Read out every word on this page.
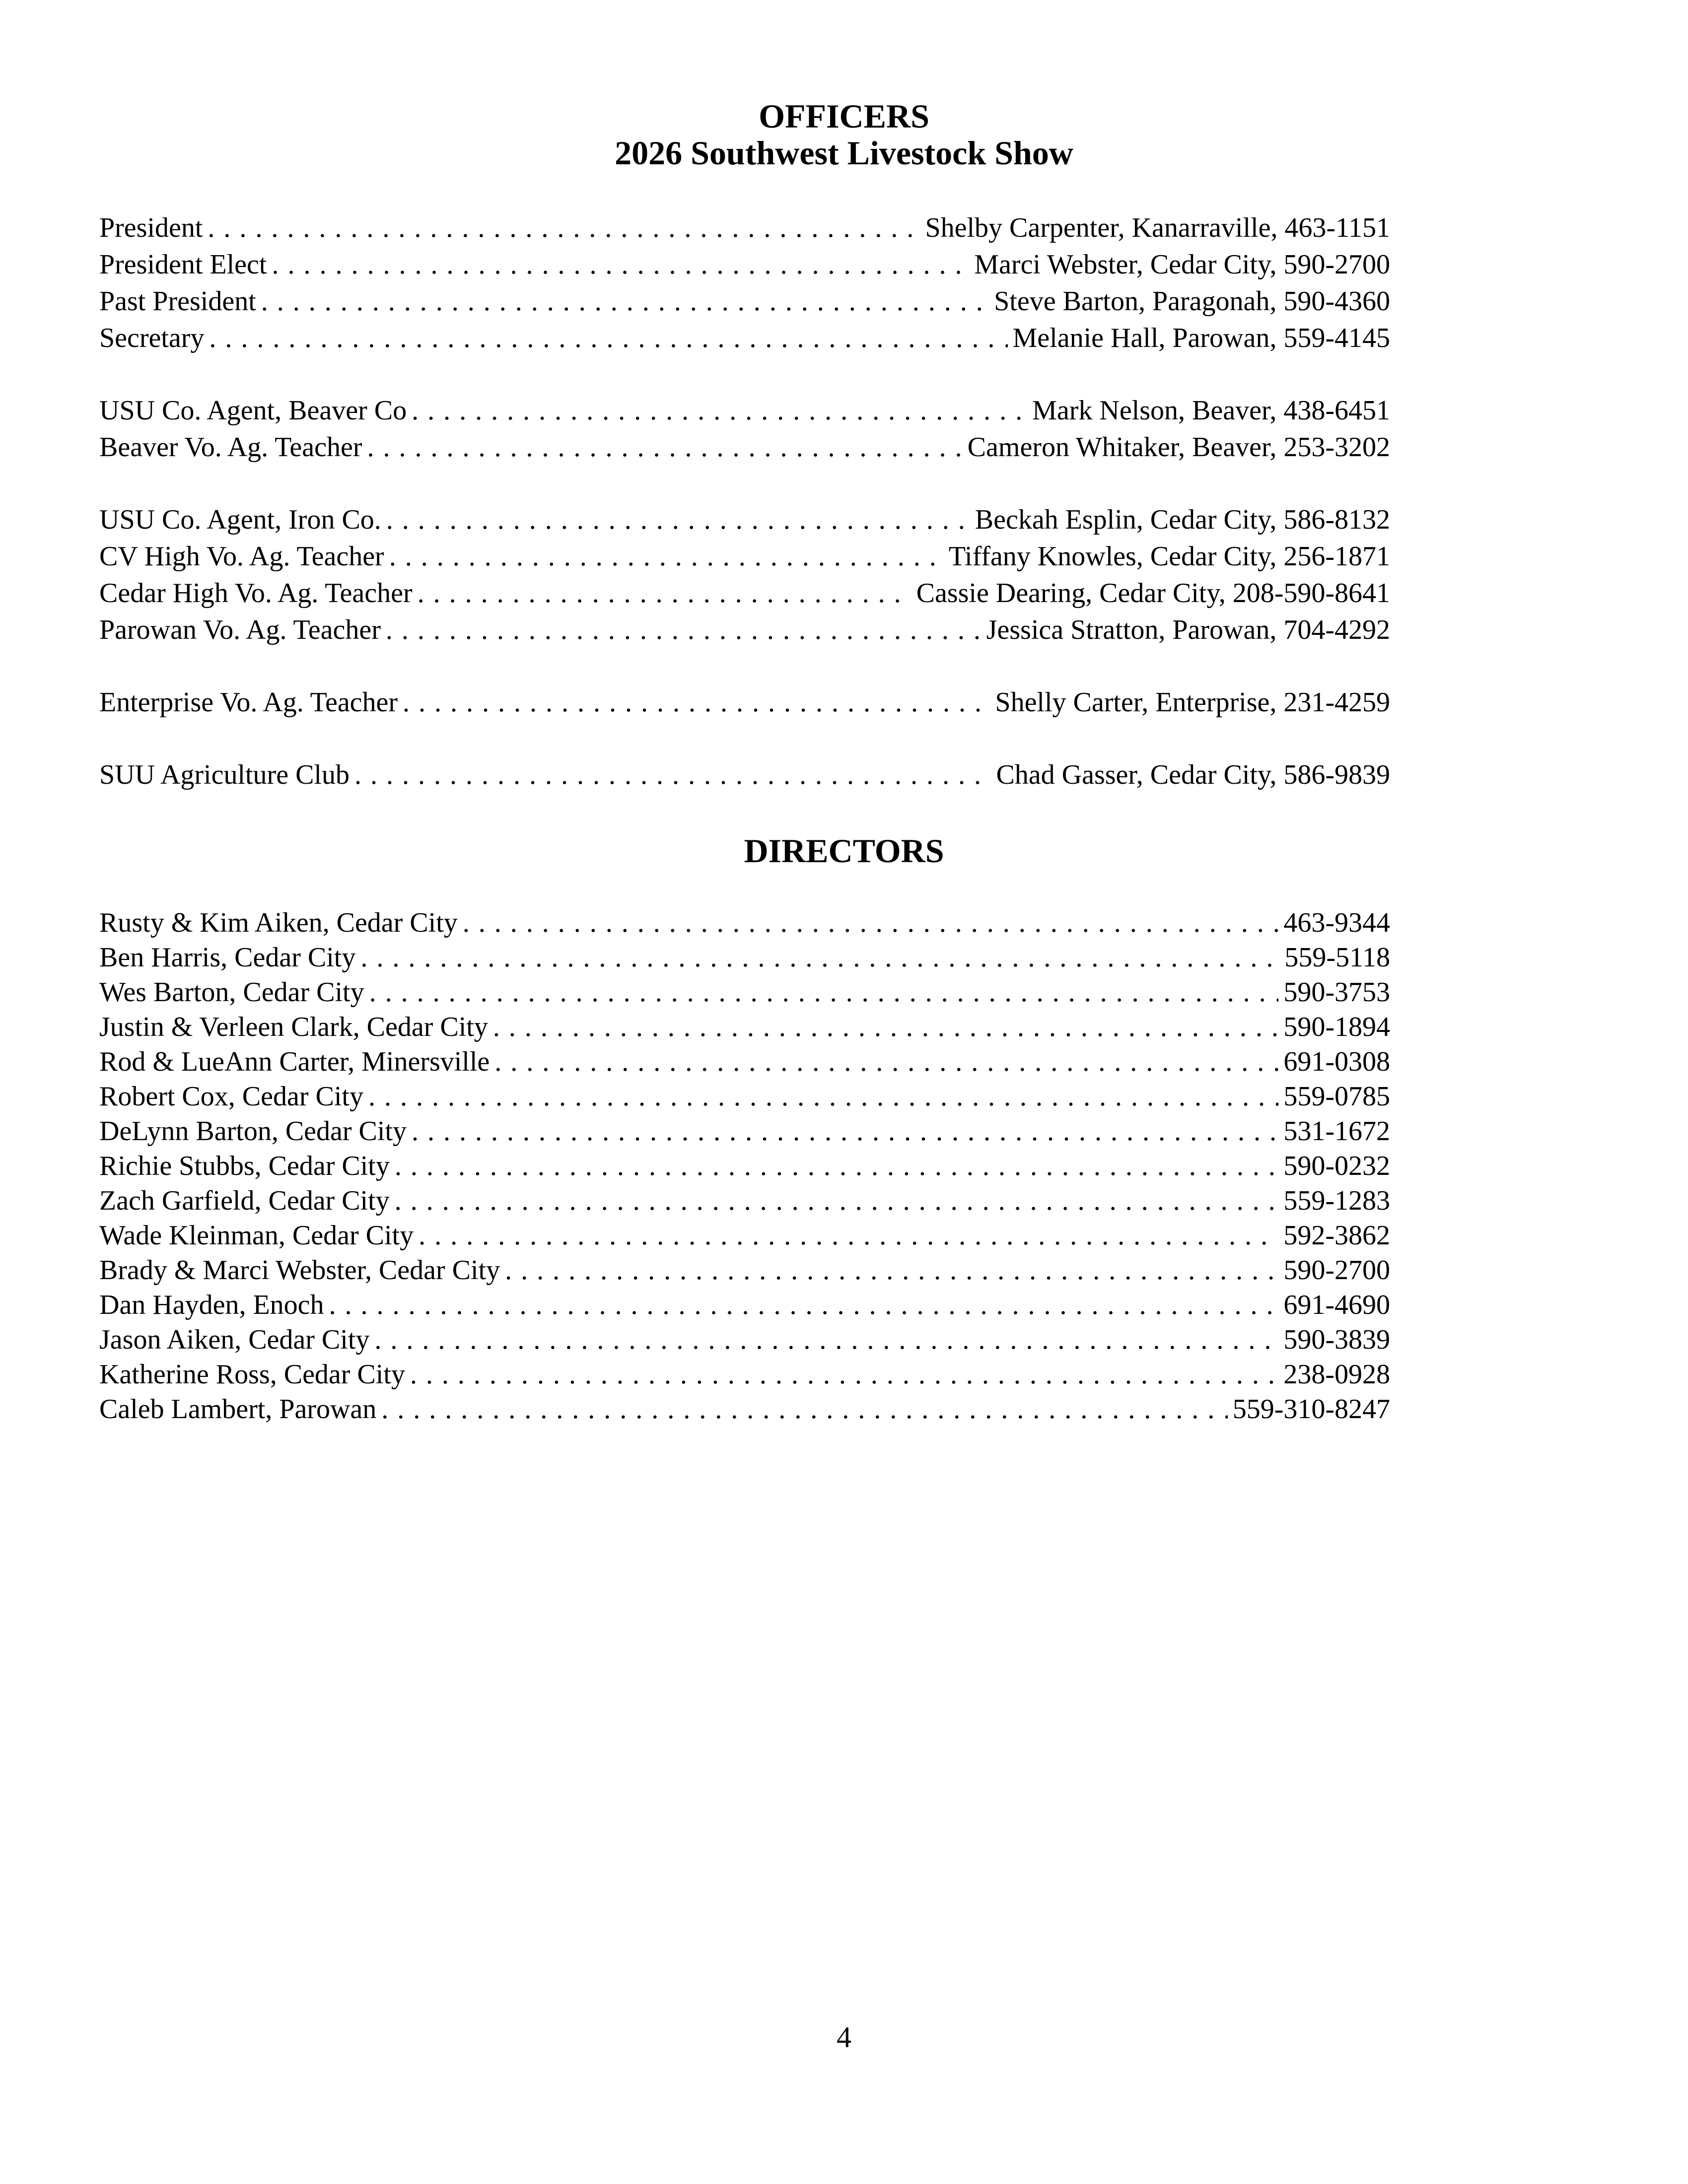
OFFICERS
2026 Southwest Livestock Show
President . . .	Shelby Carpenter, Kanarraville, 463-1151
President Elect . . .	Marci Webster, Cedar City, 590-2700
Past President . . .	Steve Barton, Paragonah, 590-4360
Secretary . . .	Melanie Hall, Parowan, 559-4145
USU Co. Agent, Beaver Co . . .	Mark Nelson, Beaver, 438-6451
Beaver Vo. Ag. Teacher . . .	Cameron Whitaker, Beaver, 253-3202
USU Co. Agent, Iron Co. . . .	Beckah Esplin, Cedar City, 586-8132
CV High Vo. Ag. Teacher . . .	Tiffany Knowles, Cedar City, 256-1871
Cedar High Vo. Ag. Teacher . . .	Cassie Dearing, Cedar City, 208-590-8641
Parowan Vo. Ag. Teacher . . .	Jessica Stratton, Parowan, 704-4292
Enterprise Vo. Ag. Teacher . . .	Shelly Carter, Enterprise, 231-4259
SUU Agriculture Club . . .	Chad Gasser, Cedar City, 586-9839
DIRECTORS
Rusty & Kim Aiken, Cedar City . . .	463-9344
Ben Harris, Cedar City . . .	559-5118
Wes Barton, Cedar City . . .	590-3753
Justin & Verleen Clark, Cedar City . . .	590-1894
Rod & LueAnn Carter, Minersville . . .	691-0308
Robert Cox, Cedar City . . .	559-0785
DeLynn Barton, Cedar City . . .	531-1672
Richie Stubbs, Cedar City . . .	590-0232
Zach Garfield, Cedar City . . .	559-1283
Wade Kleinman, Cedar City . . .	592-3862
Brady & Marci Webster, Cedar City . . .	590-2700
Dan Hayden, Enoch . . .	691-4690
Jason Aiken, Cedar City . . .	590-3839
Katherine Ross, Cedar City . . .	238-0928
Caleb Lambert, Parowan . . .	559-310-8247
4
